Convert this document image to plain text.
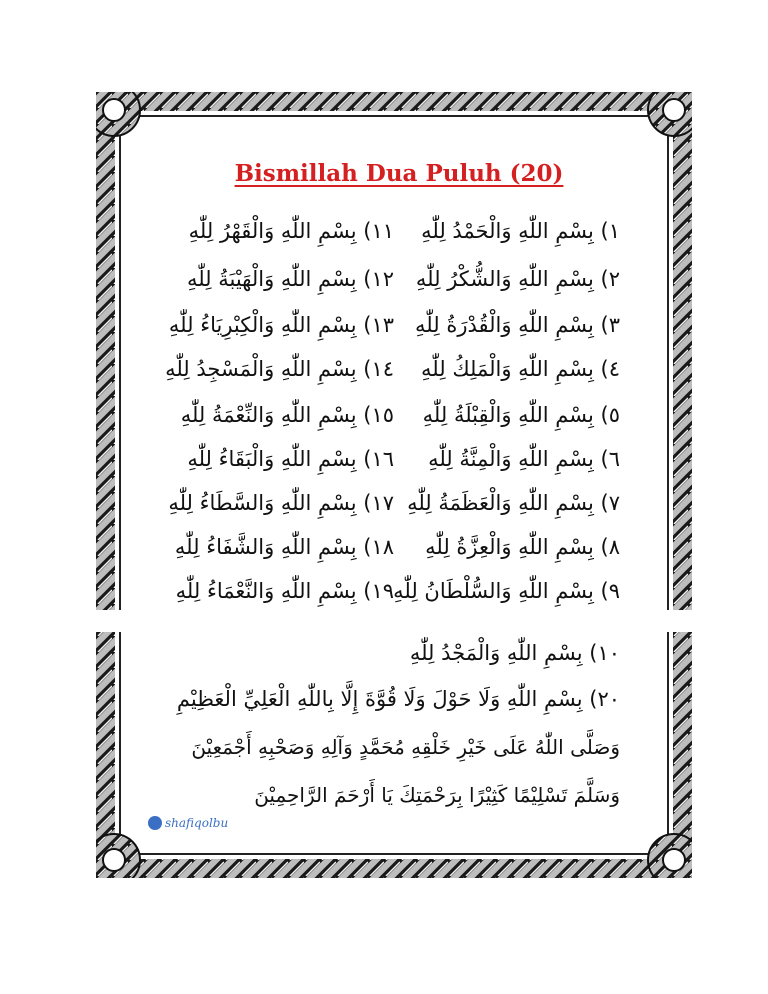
Bismillah Dua Puluh (20)
١) بِسْمِ اللّٰهِ وَالْحَمْدُ لِلّٰهِ
٢) بِسْمِ اللّٰهِ وَالشُّكْرُ لِلّٰهِ
٣) بِسْمِ اللّٰهِ وَالْقُدْرَةُ لِلّٰهِ
٤) بِسْمِ اللّٰهِ وَالْمَلِكُ لِلّٰهِ
٥) بِسْمِ اللّٰهِ وَالْقِبْلَةُ لِلّٰهِ
٦) بِسْمِ اللّٰهِ وَالْمِنَّةُ لِلّٰهِ
٧) بِسْمِ اللّٰهِ وَالْعَظَمَةُ لِلّٰهِ
٨) بِسْمِ اللّٰهِ وَالْعِزَّةُ لِلّٰهِ
٩) بِسْمِ اللّٰهِ وَالسُّلْطَانُ لِلّٰهِ
١١) بِسْمِ اللّٰهِ وَالْقَهْرُ لِلّٰهِ
١٢) بِسْمِ اللّٰهِ وَالْهَيْبَةُ لِلّٰهِ
١٣) بِسْمِ اللّٰهِ وَالْكِبْرِيَاءُ لِلّٰهِ
١٤) بِسْمِ اللّٰهِ وَالْمَسْجِدُ لِلّٰهِ
١٥) بِسْمِ اللّٰهِ وَالنِّعْمَةُ لِلّٰهِ
١٦) بِسْمِ اللّٰهِ وَالْبَقَاءُ لِلّٰهِ
١٧) بِسْمِ اللّٰهِ وَالسَّطَاءُ لِلّٰهِ
١٨) بِسْمِ اللّٰهِ وَالشَّفَاءُ لِلّٰهِ
١٩) بِسْمِ اللّٰهِ وَالنَّعْمَاءُ لِلّٰهِ
١٠) بِسْمِ اللّٰهِ وَالْمَجْدُ لِلّٰهِ
٢٠) بِسْمِ اللّٰهِ وَلَا حَوْلَ وَلَا قُوَّةَ إِلَّا بِاللّٰهِ الْعَلِيِّ الْعَظِيْمِ
وَصَلَّى اللّٰهُ عَلَى خَيْرِ خَلْقِهِ مُحَمَّدٍ وَآلِهِ وَصَحْبِهِ أَجْمَعِيْنَ
وَسَلَّمَ تَسْلِيْمًا كَثِيْرًا بِرَحْمَتِكَ يَا أَرْحَمَ الرَّاحِمِيْنَ
shafiqolbu
